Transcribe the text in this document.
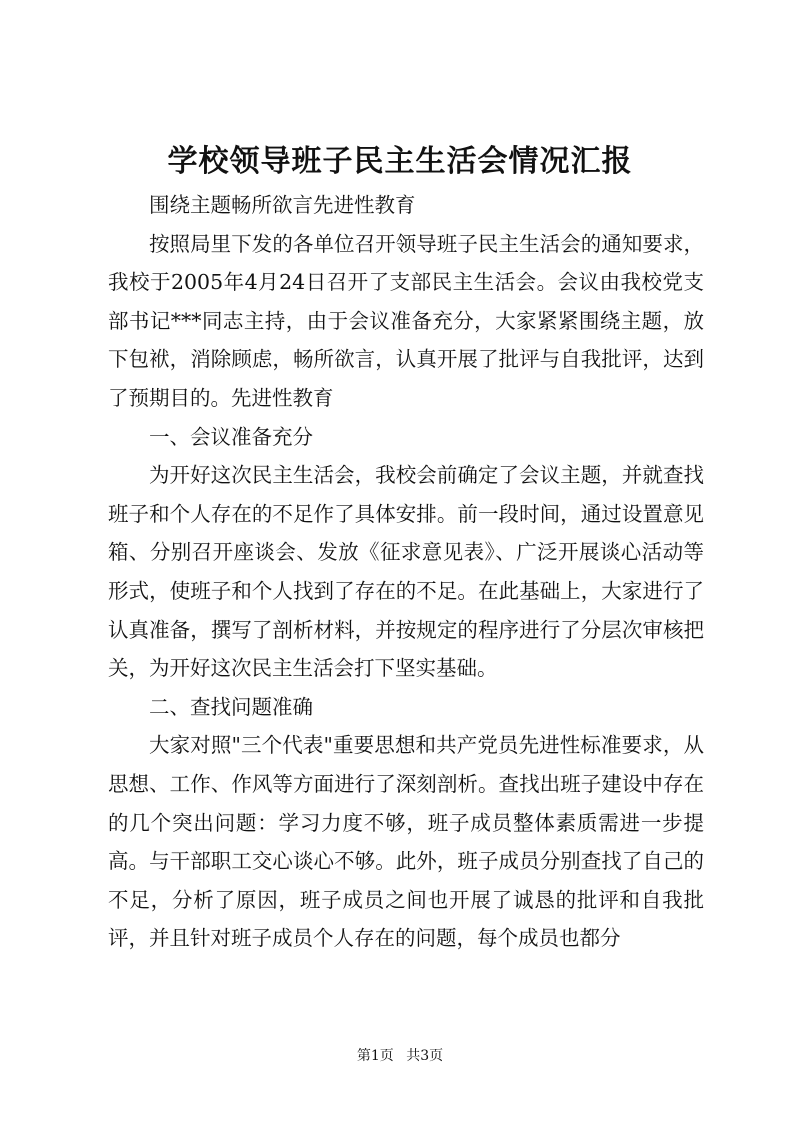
学校领导班子民主生活会情况汇报

围绕主题畅所欲言先进性教育

按照局里下发的各单位召开领导班子民主生活会的通知要求，我校于2005年4月24日召开了支部民主生活会。会议由我校党支部书记***同志主持，由于会议准备充分，大家紧紧围绕主题，放下包袱，消除顾虑，畅所欲言，认真开展了批评与自我批评，达到了预期目的。先进性教育

一、会议准备充分

为开好这次民主生活会，我校会前确定了会议主题，并就查找班子和个人存在的不足作了具体安排。前一段时间，通过设置意见箱、分别召开座谈会、发放《征求意见表》、广泛开展谈心活动等形式，使班子和个人找到了存在的不足。在此基础上，大家进行了认真准备，撰写了剖析材料，并按规定的程序进行了分层次审核把关，为开好这次民主生活会打下坚实基础。

二、查找问题准确

大家对照"三个代表"重要思想和共产党员先进性标准要求，从思想、工作、作风等方面进行了深刻剖析。查找出班子建设中存在的几个突出问题：学习力度不够，班子成员整体素质需进一步提高。与干部职工交心谈心不够。此外，班子成员分别查找了自己的不足，分析了原因，班子成员之间也开展了诚恳的批评和自我批评，并且针对班子成员个人存在的问题，每个成员也都分

第1页 共3页
